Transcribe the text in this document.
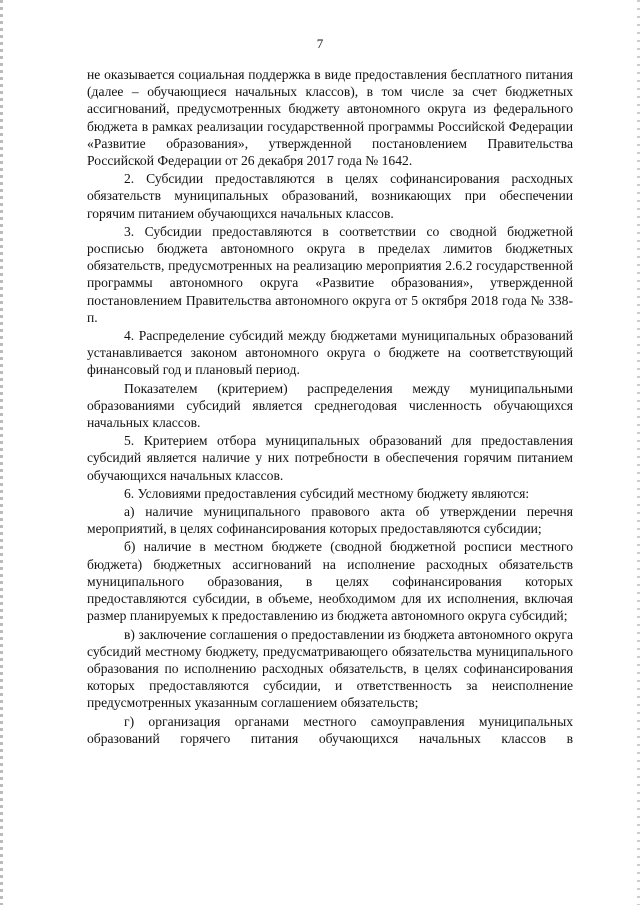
7

не оказывается социальная поддержка в виде предоставления бесплатного питания (далее – обучающиеся начальных классов), в том числе за счет бюджетных ассигнований, предусмотренных бюджету автономного округа из федерального бюджета в рамках реализации государственной программы Российской Федерации «Развитие образования», утвержденной постановлением Правительства Российской Федерации от 26 декабря 2017 года № 1642.

2. Субсидии предоставляются в целях софинансирования расходных обязательств муниципальных образований, возникающих при обеспечении горячим питанием обучающихся начальных классов.

3. Субсидии предоставляются в соответствии со сводной бюджетной росписью бюджета автономного округа в пределах лимитов бюджетных обязательств, предусмотренных на реализацию мероприятия 2.6.2 государственной программы автономного округа «Развитие образования», утвержденной постановлением Правительства автономного округа от 5 октября 2018 года № 338-п.

4. Распределение субсидий между бюджетами муниципальных образований устанавливается законом автономного округа о бюджете на соответствующий финансовый год и плановый период.

Показателем (критерием) распределения между муниципальными образованиями субсидий является среднегодовая численность обучающихся начальных классов.

5. Критерием отбора муниципальных образований для предоставления субсидий является наличие у них потребности в обеспечения горячим питанием обучающихся начальных классов.

6. Условиями предоставления субсидий местному бюджету являются:

а) наличие муниципального правового акта об утверждении перечня мероприятий, в целях софинансирования которых предоставляются субсидии;

б) наличие в местном бюджете (сводной бюджетной росписи местного бюджета) бюджетных ассигнований на исполнение расходных обязательств муниципального образования, в целях софинансирования которых предоставляются субсидии, в объеме, необходимом для их исполнения, включая размер планируемых к предоставлению из бюджета автономного округа субсидий;

в) заключение соглашения о предоставлении из бюджета автономного округа субсидий местному бюджету, предусматривающего обязательства муниципального образования по исполнению расходных обязательств, в целях софинансирования которых предоставляются субсидии, и ответственность за неисполнение предусмотренных указанным соглашением обязательств;

г) организация органами местного самоуправления муниципальных образований горячего питания обучающихся начальных классов в
